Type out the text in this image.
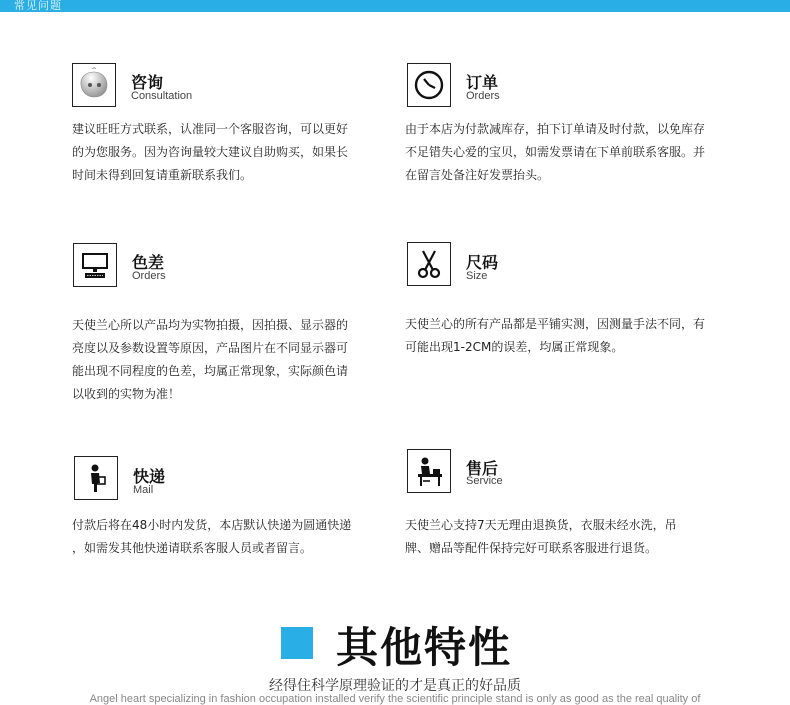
常见问题
咨询
Consultation

建议旺旺方式联系，认准同一个客服咨询，可以更好

的为您服务。因为咨询量较大建议自助购买，如果长

时间未得到回复请重新联系我们。

订单
Orders

由于本店为付款减库存，拍下订单请及时付款，以免库存

不足错失心爱的宝贝，如需发票请在下单前联系客服。并

在留言处备注好发票抬头。

色差
Orders

天使兰心所以产品均为实物拍摄，因拍摄、显示器的

亮度以及参数设置等原因，产品图片在不同显示器可

能出现不同程度的色差，均属正常现象，实际颜色请

以收到的实物为准！

尺码
Size

天使兰心的所有产品都是平铺实测，因测量手法不同，有

可能出现1-2CM的误差，均属正常现象。

快递
Mail

付款后将在48小时内发货，本店默认快递为圆通快递

，如需发其他快递请联系客服人员或者留言。

售后
Service

天使兰心支持7天无理由退换货，衣服未经水洗，吊

牌、赠品等配件保持完好可联系客服进行退货。

其他特性
经得住科学原理验证的才是真正的好品质
Angel heart specializing in fashion occupation installed verify the scientific principle stand is only as good as the real quality of
